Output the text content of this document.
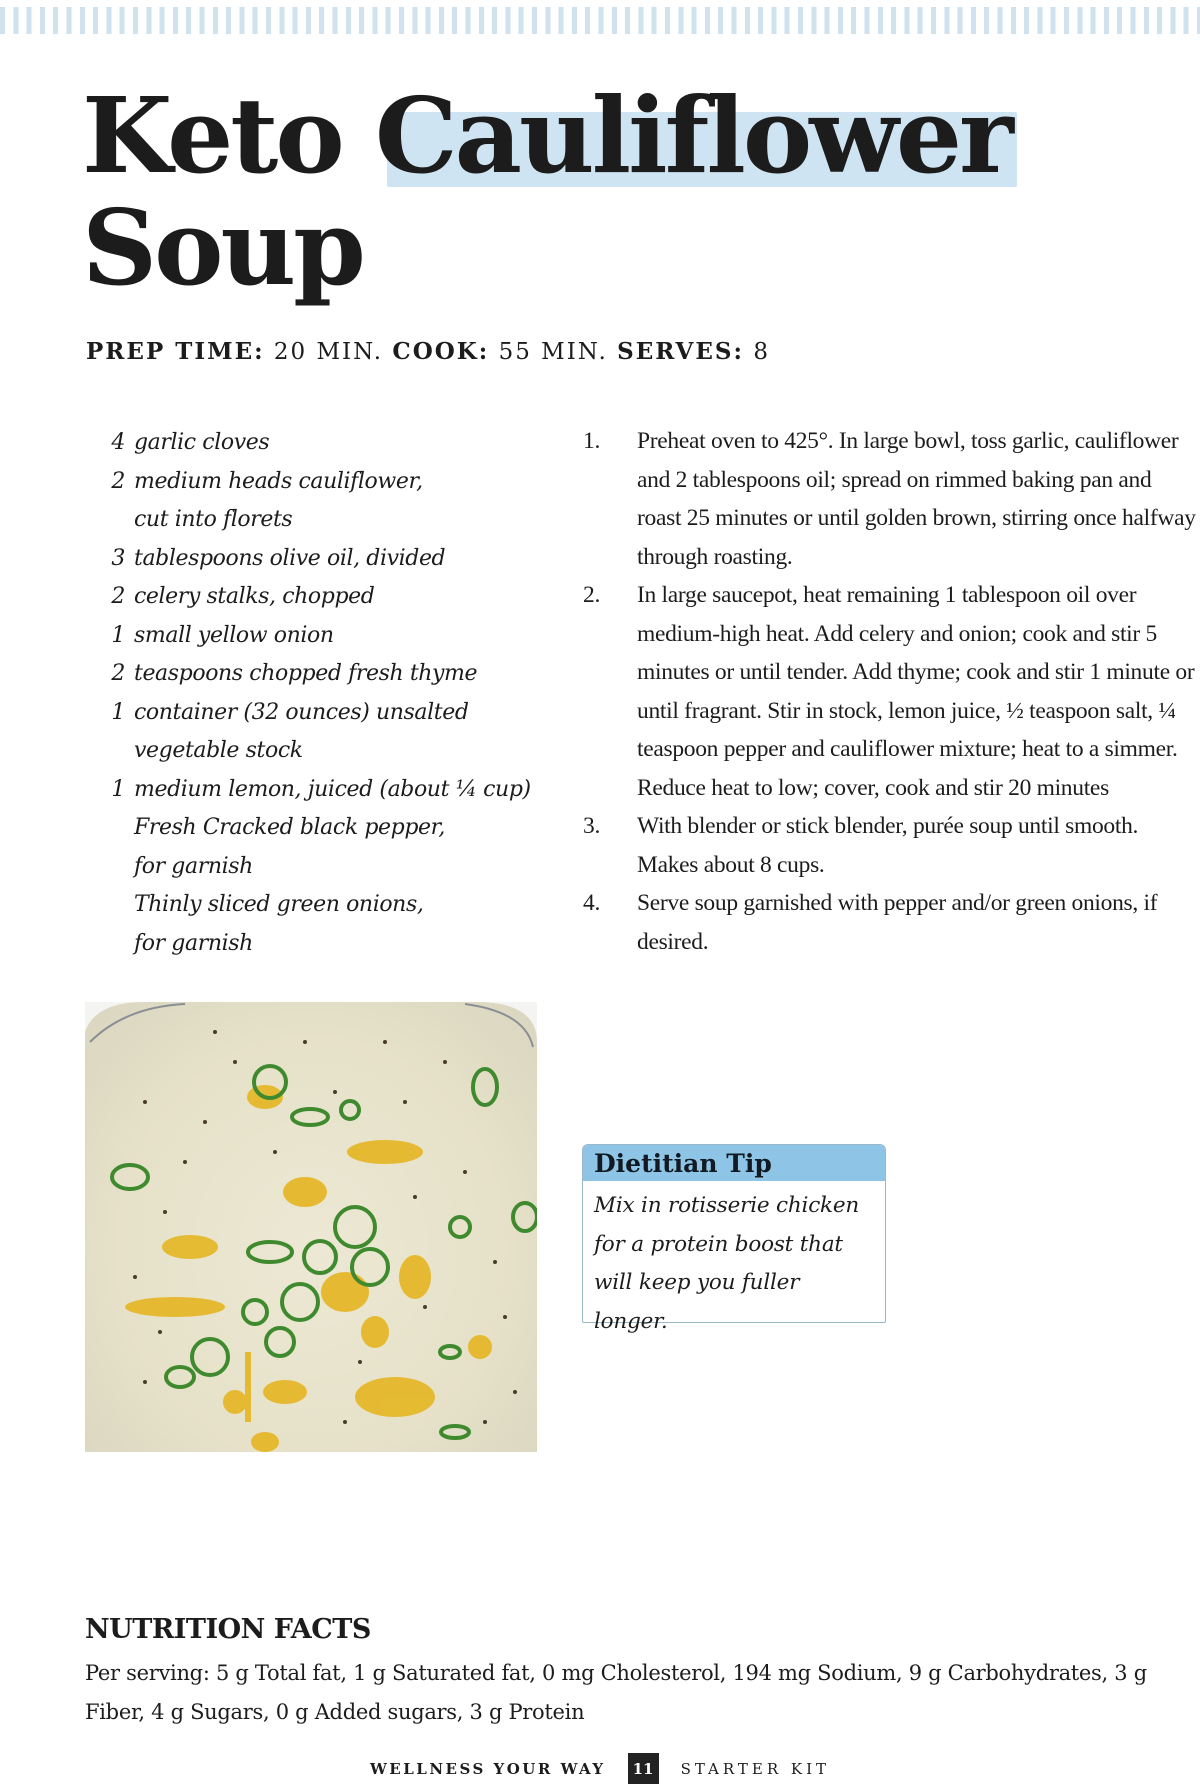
Keto Cauliflower
Soup
PREP TIME: 20 MIN. COOK: 55 MIN. SERVES: 8
4 garlic cloves
2 medium heads cauliflower,
cut into florets
3 tablespoons olive oil, divided
2 celery stalks, chopped
1 small yellow onion
2 teaspoons chopped fresh thyme
1 container (32 ounces) unsalted
vegetable stock
1 medium lemon, juiced (about ¼ cup)
Fresh Cracked black pepper,
for garnish
Thinly sliced green onions,
for garnish
1.	Preheat oven to 425°. In large bowl, toss garlic, cauliflower and 2 tablespoons oil; spread on rimmed baking pan and roast 25 minutes or until golden brown, stirring once halfway through roasting.
2.	In large saucepot, heat remaining 1 tablespoon oil over medium-high heat. Add celery and onion; cook and stir 5 minutes or until tender. Add thyme; cook and stir 1 minute or until fragrant. Stir in stock, lemon juice, ½ teaspoon salt, ¼ teaspoon pepper and cauliflower mixture; heat to a simmer. Reduce heat to low; cover, cook and stir 20 minutes
3.	With blender or stick blender, purée soup until smooth. Makes about 8 cups.
4.	Serve soup garnished with pepper and/or green onions, if desired.
Dietitian Tip
Mix in rotisserie chicken for a protein boost that will keep you fuller longer.
NUTRITION FACTS
Per serving: 5 g Total fat, 1 g Saturated fat, 0 mg Cholesterol, 194 mg Sodium, 9 g Carbohydrates, 3 g Fiber, 4 g Sugars, 0 g Added sugars, 3 g Protein
WELLNESS YOUR WAY	11	STARTER KIT
